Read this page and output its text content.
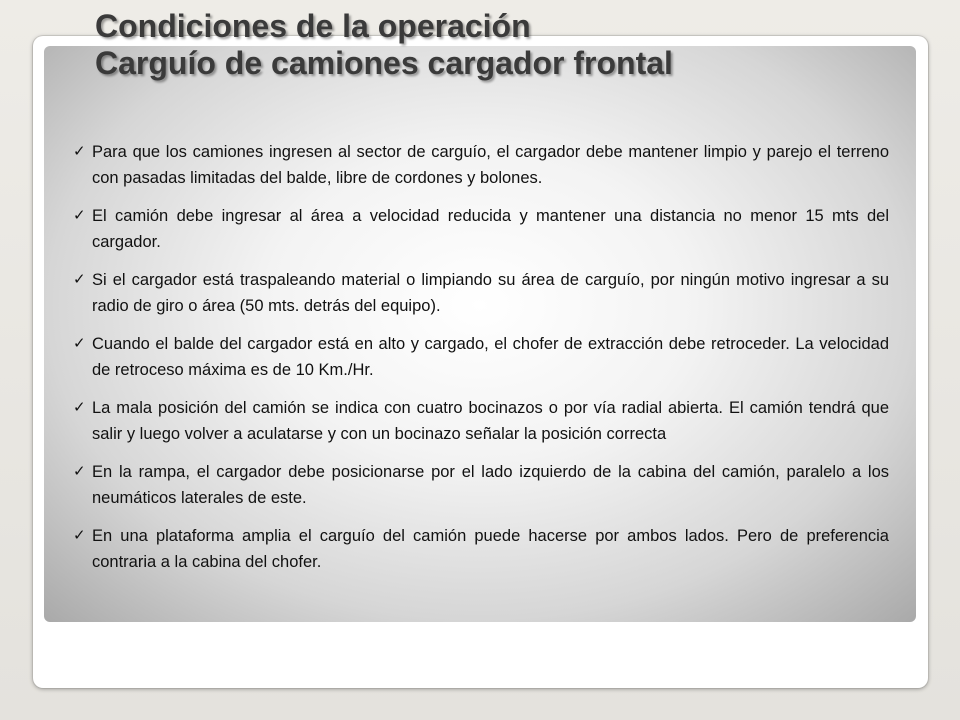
Condiciones de la operación
Carguío de camiones cargador frontal
✓ Para que los camiones ingresen al sector de carguío, el cargador debe mantener limpio y parejo el terreno con pasadas limitadas del balde, libre de cordones y bolones.
✓ El camión debe ingresar al área a velocidad reducida y mantener una distancia no menor 15 mts del cargador.
✓ Si el cargador está traspaleando material o limpiando su área de carguío, por ningún motivo ingresar a su radio de giro o área (50 mts. detrás del equipo).
✓ Cuando el balde del cargador está en alto y cargado, el chofer de extracción debe retroceder. La velocidad de retroceso máxima es de 10 Km./Hr.
✓ La mala posición del camión se indica con cuatro bocinazos o por vía radial abierta. El camión tendrá que salir y luego volver a aculatarse y con un bocinazo señalar la posición correcta
✓ En la rampa, el cargador debe posicionarse por el lado izquierdo de la cabina del camión, paralelo a los neumáticos laterales de este.
✓ En una plataforma amplia el carguío del camión puede hacerse por ambos lados. Pero de preferencia contraria a la cabina del chofer.
